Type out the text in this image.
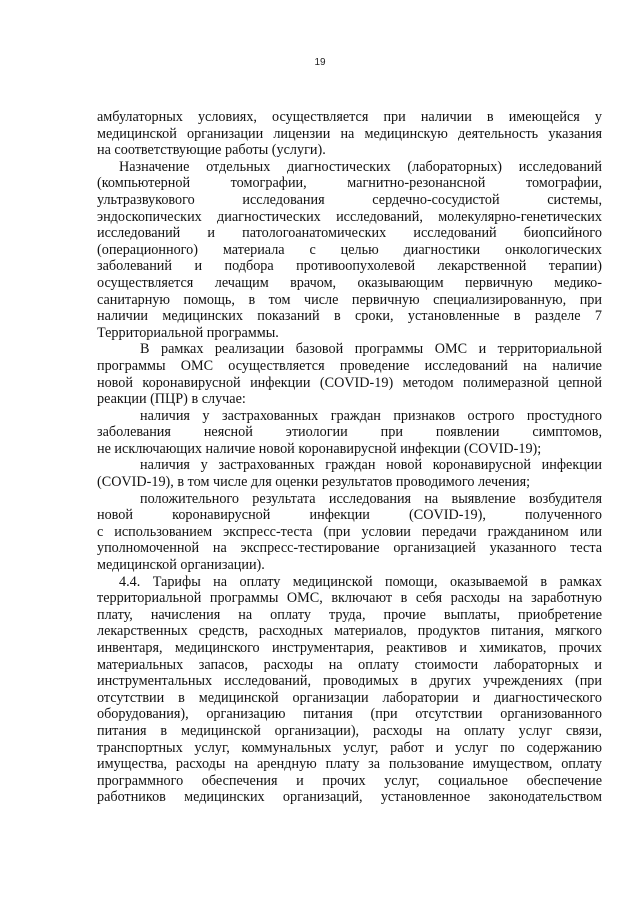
19
амбулаторных условиях, осуществляется при наличии в имеющейся у
медицинской организации лицензии на медицинскую деятельность указания
на соответствующие работы (услуги).
Назначение отдельных диагностических (лабораторных) исследований
(компьютерной томографии, магнитно-резонансной томографии,
ультразвукового исследования сердечно-сосудистой системы,
эндоскопических диагностических исследований, молекулярно-генетических
исследований и патологоанатомических исследований биопсийного
(операционного) материала с целью диагностики онкологических
заболеваний и подбора противоопухолевой лекарственной терапии)
осуществляется лечащим врачом, оказывающим первичную медико-
санитарную помощь, в том числе первичную специализированную, при
наличии медицинских показаний в сроки, установленные в разделе 7
Территориальной программы.
В рамках реализации базовой программы ОМС и территориальной
программы ОМС осуществляется проведение исследований на наличие
новой коронавирусной инфекции (COVID-19) методом полимеразной цепной
реакции (ПЦР) в случае:
наличия у застрахованных граждан признаков острого простудного
заболевания неясной этиологии при появлении симптомов,
не исключающих наличие новой коронавирусной инфекции (COVID-19);
наличия у застрахованных граждан новой коронавирусной инфекции
(COVID-19), в том числе для оценки результатов проводимого лечения;
положительного результата исследования на выявление возбудителя
новой коронавирусной инфекции (COVID-19), полученного
с использованием экспресс-теста (при условии передачи гражданином или
уполномоченной на экспресс-тестирование организацией указанного теста
медицинской организации).
4.4. Тарифы на оплату медицинской помощи, оказываемой в рамках
территориальной программы ОМС, включают в себя расходы на заработную
плату, начисления на оплату труда, прочие выплаты, приобретение
лекарственных средств, расходных материалов, продуктов питания, мягкого
инвентаря, медицинского инструментария, реактивов и химикатов, прочих
материальных запасов, расходы на оплату стоимости лабораторных и
инструментальных исследований, проводимых в других учреждениях (при
отсутствии в медицинской организации лаборатории и диагностического
оборудования), организацию питания (при отсутствии организованного
питания в медицинской организации), расходы на оплату услуг связи,
транспортных услуг, коммунальных услуг, работ и услуг по содержанию
имущества, расходы на арендную плату за пользование имуществом, оплату
программного обеспечения и прочих услуг, социальное обеспечение
работников медицинских организаций, установленное законодательством
